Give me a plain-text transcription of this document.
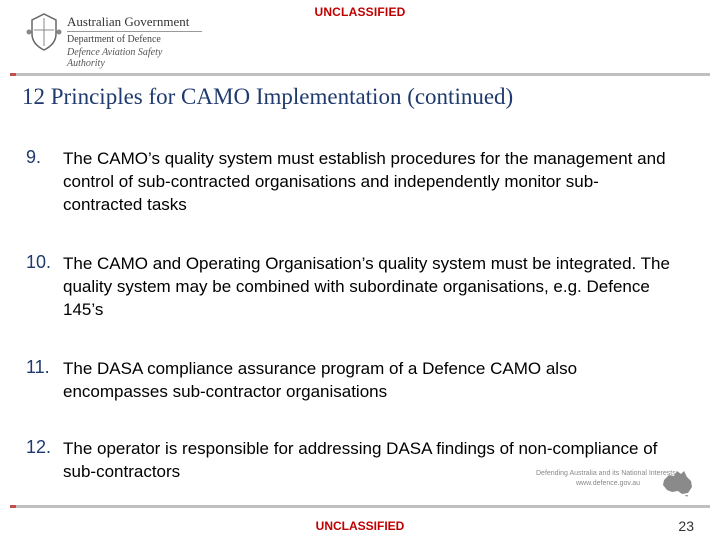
UNCLASSIFIED
Australian Government
Department of Defence
Defence Aviation Safety Authority
12 Principles for CAMO Implementation (continued)
9. The CAMO’s quality system must establish procedures for the management and control of sub-contracted organisations and independently monitor sub-contracted tasks
10. The CAMO and Operating Organisation’s quality system must be integrated. The quality system may be combined with subordinate organisations, e.g. Defence 145’s
11. The DASA compliance assurance program of a Defence CAMO also encompasses sub-contractor organisations
12. The operator is responsible for addressing DASA findings of non-compliance of sub-contractors	Defending Australia and its National Interests
www.defence.gov.au
UNCLASSIFIED	23
